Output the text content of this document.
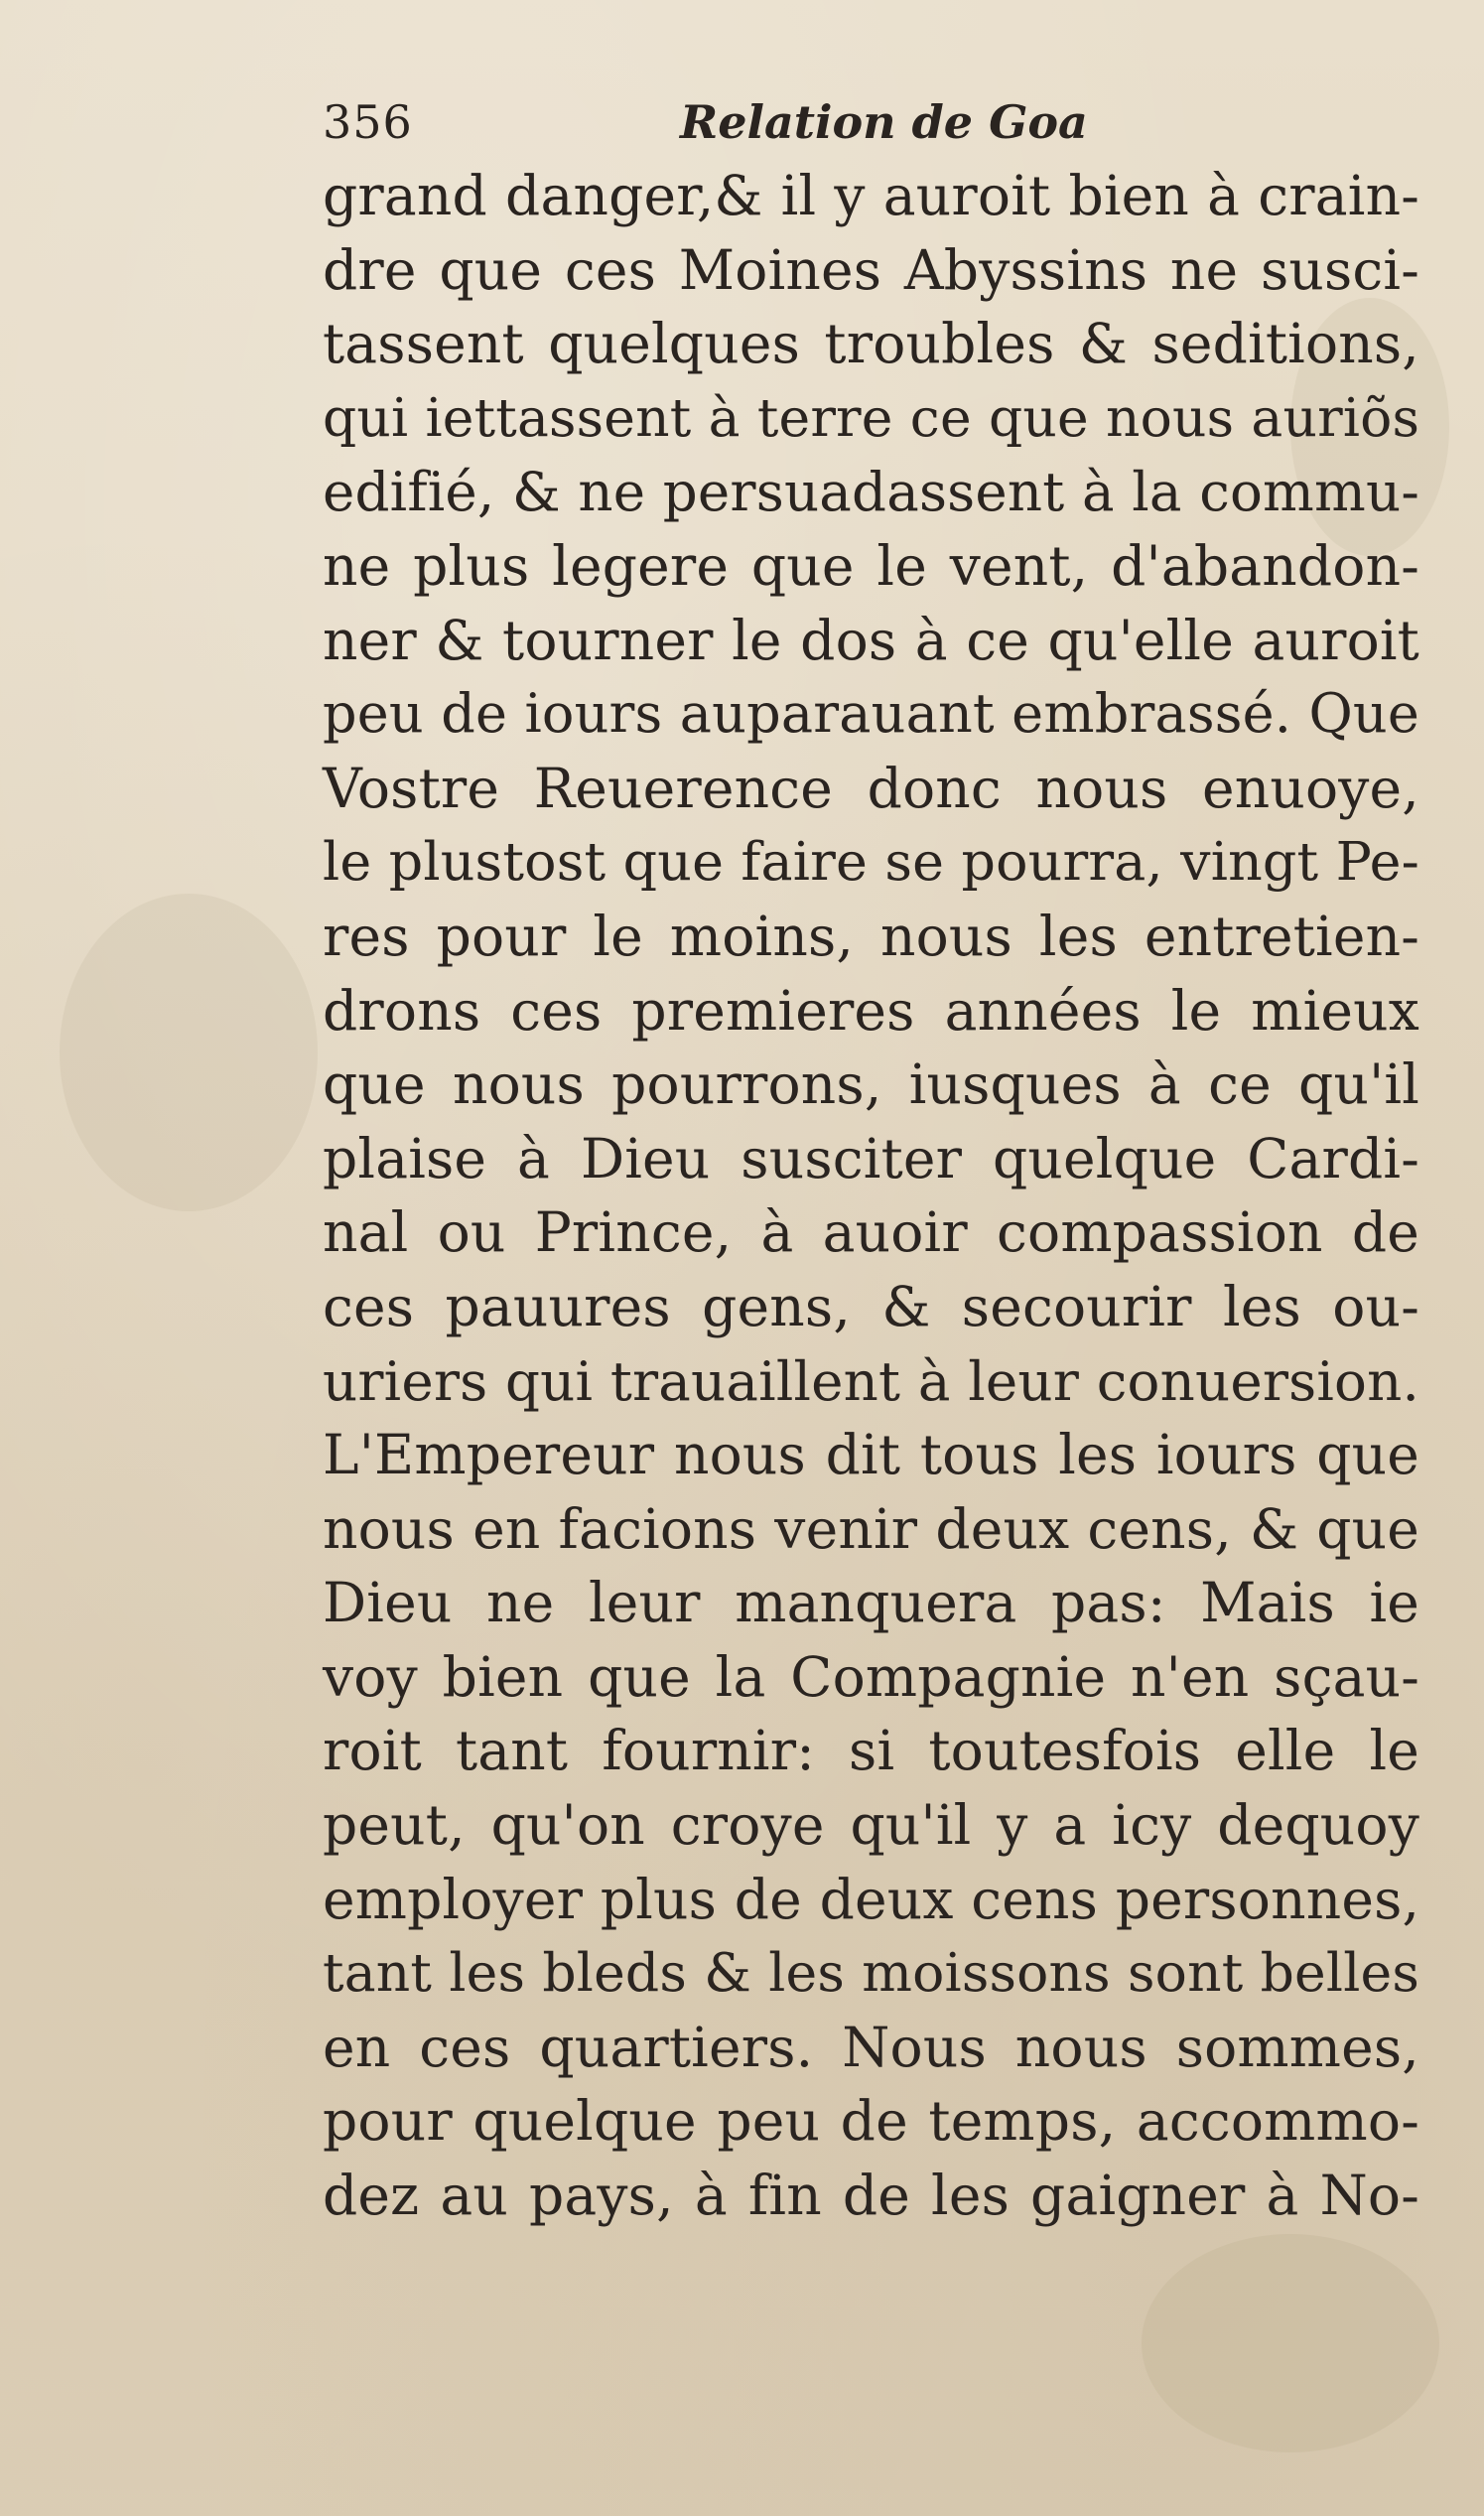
356	Relation de Goa
grand danger,& il y auroit bien à crain-
dre que ces Moines Abyssins ne susci-
tassent quelques troubles & seditions,
qui iettassent à terre ce que nous auriõs
edifié, & ne persuadassent à la commu-
ne plus legere que le vent, d'abandon-
ner & tourner le dos à ce qu'elle auroit
peu de iours auparauant embrassé. Que
Vostre Reuerence donc nous enuoye,
le plustost que faire se pourra, vingt Pe-
res pour le moins, nous les entretien-
drons ces premieres années le mieux
que nous pourrons, iusques à ce qu'il
plaise à Dieu susciter quelque Cardi-
nal ou Prince, à auoir compassion de
ces pauures gens, & secourir les ou-
uriers qui trauaillent à leur conuersion.
L'Empereur nous dit tous les iours que
nous en facions venir deux cens, & que
Dieu ne leur manquera pas: Mais ie
voy bien que la Compagnie n'en sçau-
roit tant fournir: si toutesfois elle le
peut, qu'on croye qu'il y a icy dequoy
employer plus de deux cens personnes,
tant les bleds & les moissons sont belles
en ces quartiers. Nous nous sommes,
pour quelque peu de temps, accommo-
dez au pays, à fin de les gaigner à No-
